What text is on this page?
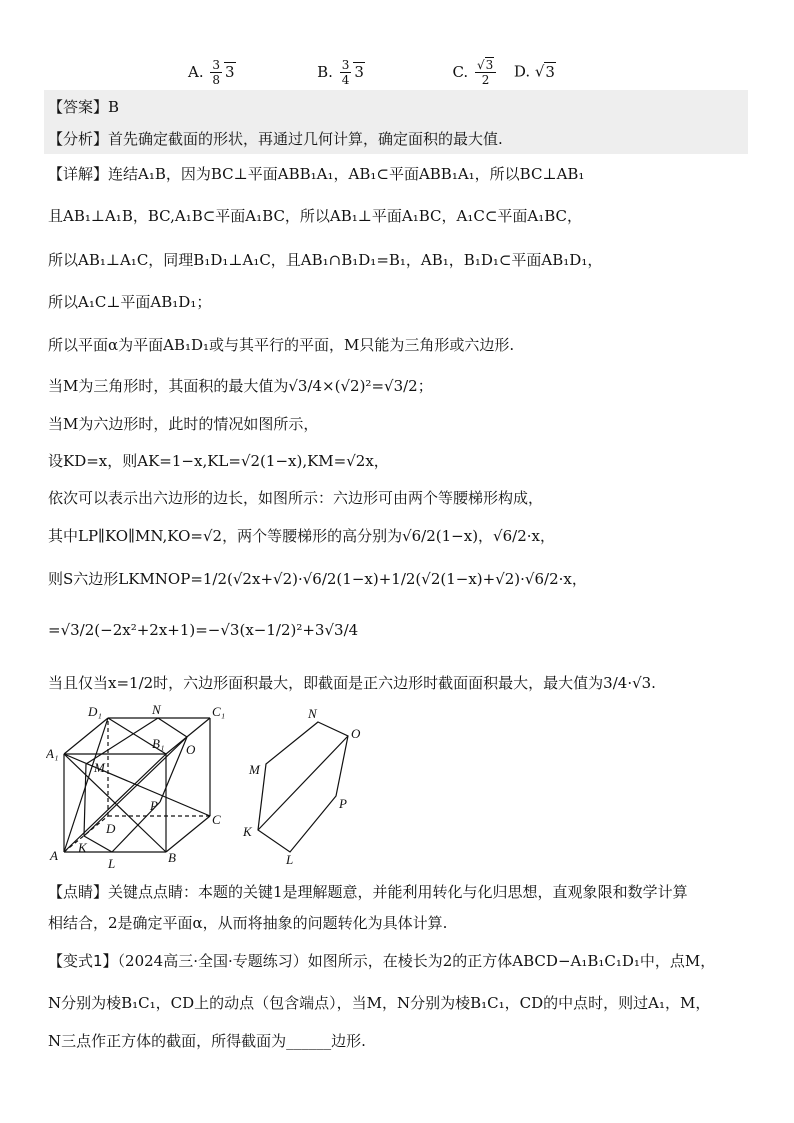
A. $\frac{3}{8} 3$	B. $\frac{3}{4} 3$	C. $\frac{√3}{2} D$. √3
【答案】B
【分析】首先确定截面的形状，再通过几何计算，确定面积的最大值.
【详解】连结A₁B，因为BC⊥平面ABB₁A₁，AB₁⊂平面ABB₁A₁，所以BC⊥AB₁
且AB₁⊥A₁B，BC,A₁B⊂平面A₁BC，所以AB₁⊥平面A₁BC，A₁C⊂平面A₁BC，
所以AB₁⊥A₁C，同理B₁D₁⊥A₁C，且AB₁∩B₁D₁=B₁，AB₁，B₁D₁⊂平面AB₁D₁，
所以A₁C⊥平面AB₁D₁；
所以平面α为平面AB₁D₁或与其平行的平面，M只能为三角形或六边形.
当M为三角形时，其面积的最大值为√3/4×(√2)²=√3/2；
当M为六边形时，此时的情况如图所示，
设KD=x，则AK=1−x,KL=√2(1−x),KM=√2x，
依次可以表示出六边形的边长，如图所示：六边形可由两个等腰梯形构成，
其中LP∥KO∥MN,KO=√2，两个等腰梯形的高分别为√6/2(1−x)，√6/2·x，
则S六边形LKMNOP=1/2(√2x+√2)·√6/2(1−x)+1/2(√2(1−x)+√2)·√6/2·x，
=√3/2(−2x²+2x+1)=−√3(x−1/2)²+3√3/4
当且仅当x=1/2时，六边形面积最大，即截面是正六边形时截面面积最大，最大值为3/4·√3.
D₁	N	C₁
B₁ O
A₁
M
P
C
D
A
K
L	B
N
O
M
P
K
L
【点睛】关键点点睛：本题的关键1是理解题意，并能利用转化与化归思想，直观象限和数学计算
相结合，2是确定平面α，从而将抽象的问题转化为具体计算.
【变式1】（2024高三·全国·专题练习）如图所示，在棱长为2的正方体ABCD−A₁B₁C₁D₁中，点M，
N分别为棱B₁C₁，CD上的动点（包含端点），当M，N分别为棱B₁C₁，CD的中点时，则过A₁，M，
N三点作正方体的截面，所得截面为______边形.
